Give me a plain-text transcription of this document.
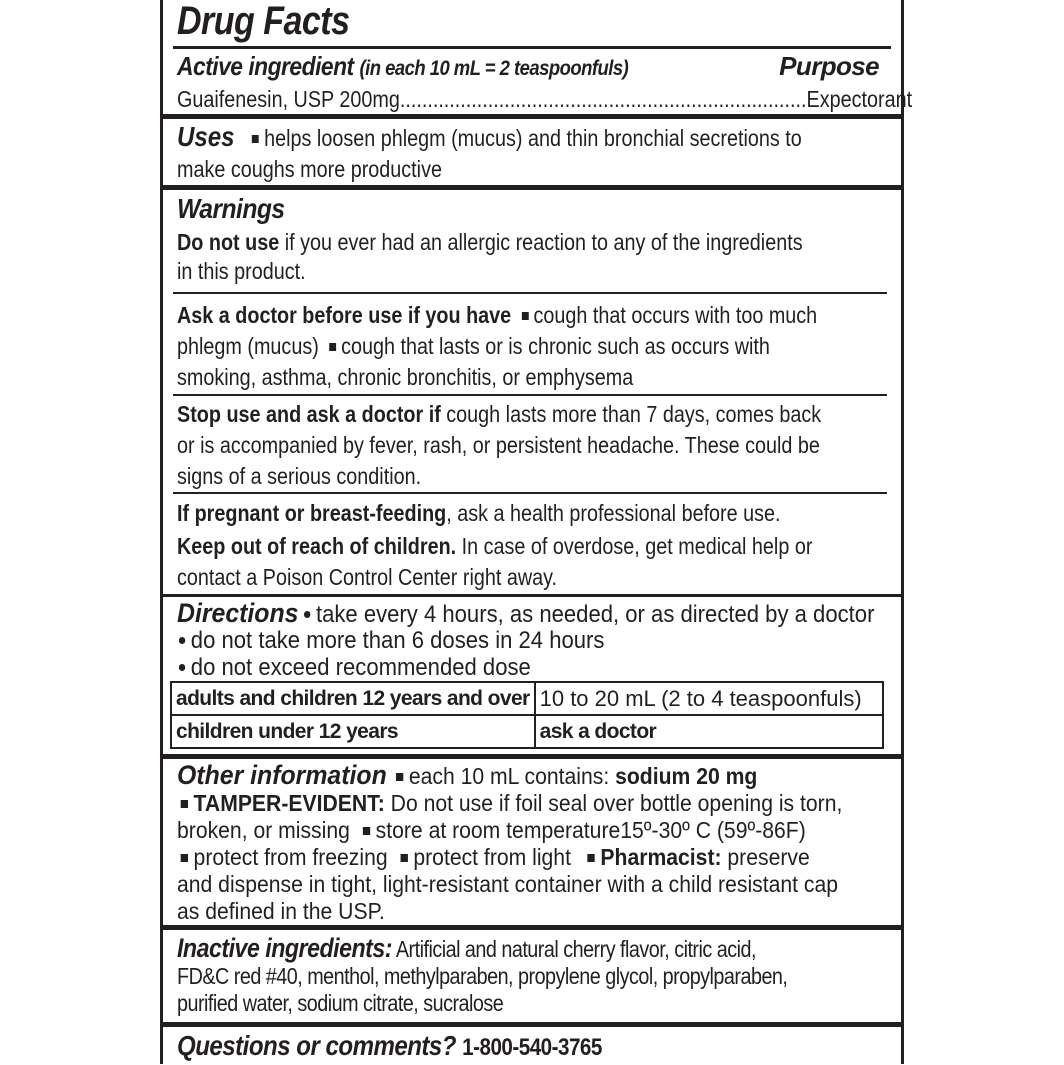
Drug Facts
Active ingredient (in each 10 mL = 2 teaspoonfuls)	Purpose
Guaifenesin, USP 200mg..........................................................................Expectorant
Uses helps loosen phlegm (mucus) and thin bronchial secretions to
make coughs more productive
Warnings
Do not use if you ever had an allergic reaction to any of the ingredients
in this product.
Ask a doctor before use if you have cough that occurs with too much
phlegm (mucus) cough that lasts or is chronic such as occurs with
smoking, asthma, chronic bronchitis, or emphysema
Stop use and ask a doctor if cough lasts more than 7 days, comes back
or is accompanied by fever, rash, or persistent headache. These could be
signs of a serious condition.
If pregnant or breast-feeding, ask a health professional before use.
Keep out of reach of children. In case of overdose, get medical help or
contact a Poison Control Center right away.
Directions take every 4 hours, as needed, or as directed by a doctor
do not take more than 6 doses in 24 hours
do not exceed recommended dose
adults and children 12 years and over	10 to 20 mL (2 to 4 teaspoonfuls)
children under 12 years	ask a doctor
Other information each 10 mL contains: sodium 20 mg
TAMPER-EVIDENT: Do not use if foil seal over bottle opening is torn,
broken, or missing store at room temperature15º-30º C (59º-86F)
protect from freezing protect from light Pharmacist: preserve
and dispense in tight, light-resistant container with a child resistant cap
as defined in the USP.
Inactive ingredients: Artificial and natural cherry flavor, citric acid,
FD&C red #40, menthol, methylparaben, propylene glycol, propylparaben,
purified water, sodium citrate, sucralose
Questions or comments? 1-800-540-3765
